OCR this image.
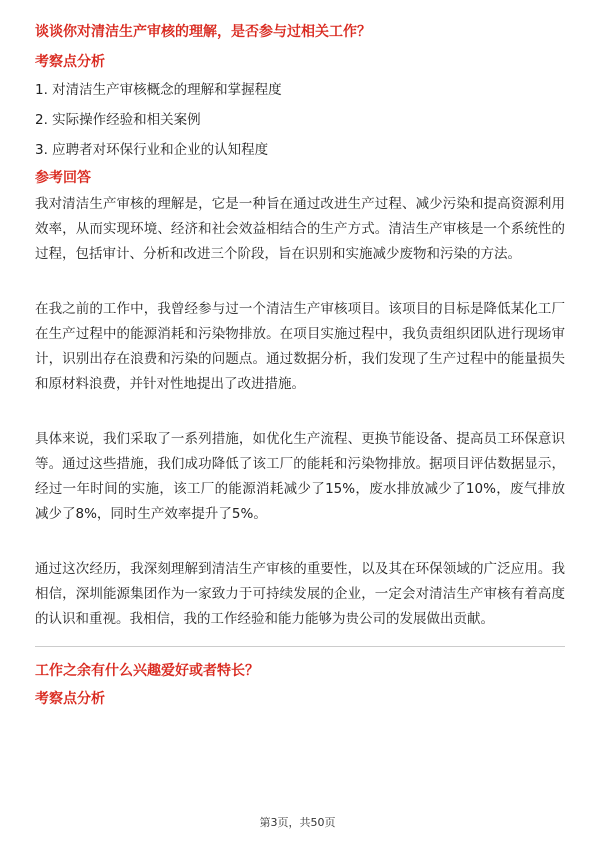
谈谈你对清洁生产审核的理解，是否参与过相关工作？
考察点分析
1. 对清洁生产审核概念的理解和掌握程度
2. 实际操作经验和相关案例
3. 应聘者对环保行业和企业的认知程度
参考回答
我对清洁生产审核的理解是，它是一种旨在通过改进生产过程、减少污染和提高资源利用效率，从而实现环境、经济和社会效益相结合的生产方式。清洁生产审核是一个系统性的过程，包括审计、分析和改进三个阶段，旨在识别和实施减少废物和污染的方法。
在我之前的工作中，我曾经参与过一个清洁生产审核项目。该项目的目标是降低某化工厂在生产过程中的能源消耗和污染物排放。在项目实施过程中，我负责组织团队进行现场审计，识别出存在浪费和污染的问题点。通过数据分析，我们发现了生产过程中的能量损失和原材料浪费，并针对性地提出了改进措施。
具体来说，我们采取了一系列措施，如优化生产流程、更换节能设备、提高员工环保意识等。通过这些措施，我们成功降低了该工厂的能耗和污染物排放。据项目评估数据显示，经过一年时间的实施，该工厂的能源消耗减少了15%，废水排放减少了10%，废气排放减少了8%，同时生产效率提升了5%。
通过这次经历，我深刻理解到清洁生产审核的重要性，以及其在环保领域的广泛应用。我相信，深圳能源集团作为一家致力于可持续发展的企业，一定会对清洁生产审核有着高度的认识和重视。我相信，我的工作经验和能力能够为贵公司的发展做出贡献。
工作之余有什么兴趣爱好或者特长？
考察点分析
第3页，共50页
